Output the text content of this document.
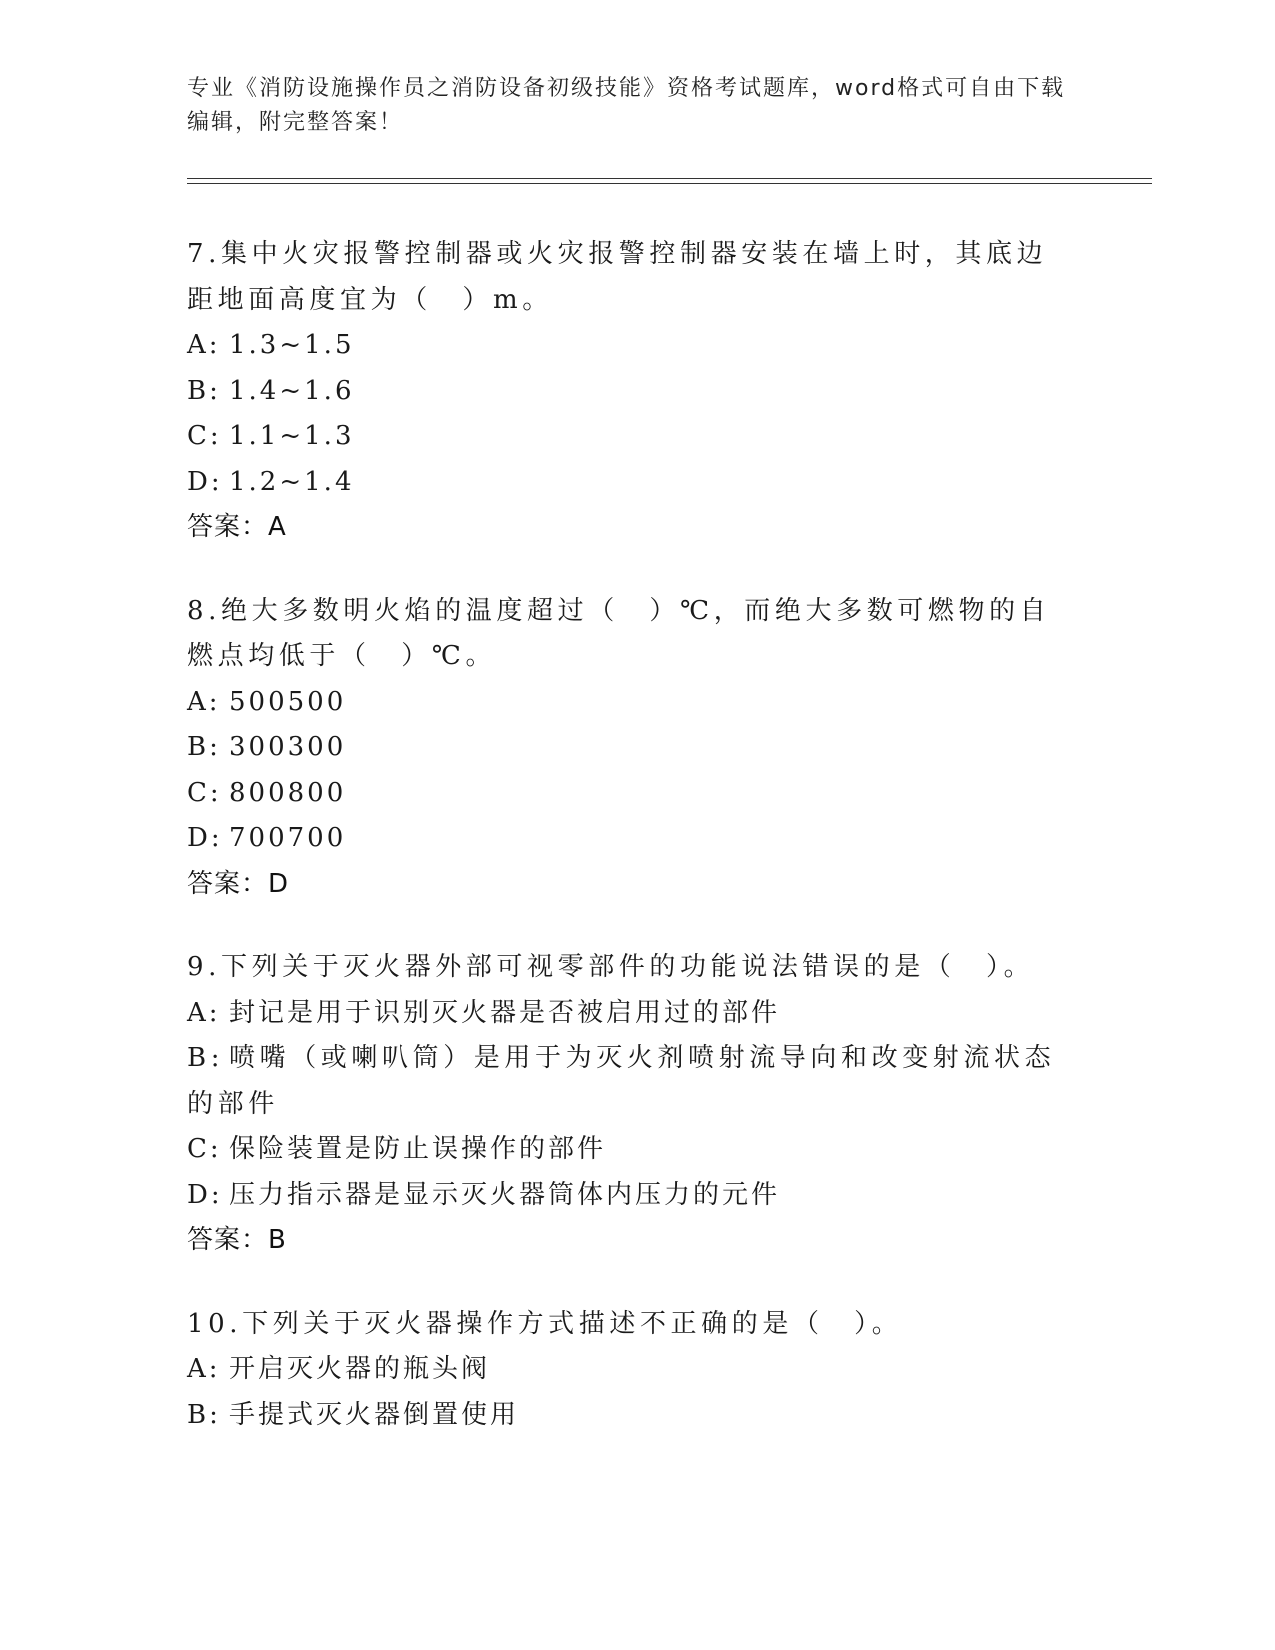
专业《消防设施操作员之消防设备初级技能》资格考试题库，word格式可自由下载编辑，附完整答案！
7.集中火灾报警控制器或火灾报警控制器安装在墙上时，其底边距地面高度宜为（　）m。
A: 1.3~1.5
B: 1.4~1.6
C: 1.1~1.3
D: 1.2~1.4
答案：A
8.绝大多数明火焰的温度超过（　）℃，而绝大多数可燃物的自燃点均低于（　）℃。
A: 500500
B: 300300
C: 800800
D: 700700
答案：D
9.下列关于灭火器外部可视零部件的功能说法错误的是（　）。
A: 封记是用于识别灭火器是否被启用过的部件
B: 喷嘴（或喇叭筒）是用于为灭火剂喷射流导向和改变射流状态的部件
C: 保险装置是防止误操作的部件
D: 压力指示器是显示灭火器筒体内压力的元件
答案：B
10.下列关于灭火器操作方式描述不正确的是（　）。
A: 开启灭火器的瓶头阀
B: 手提式灭火器倒置使用
